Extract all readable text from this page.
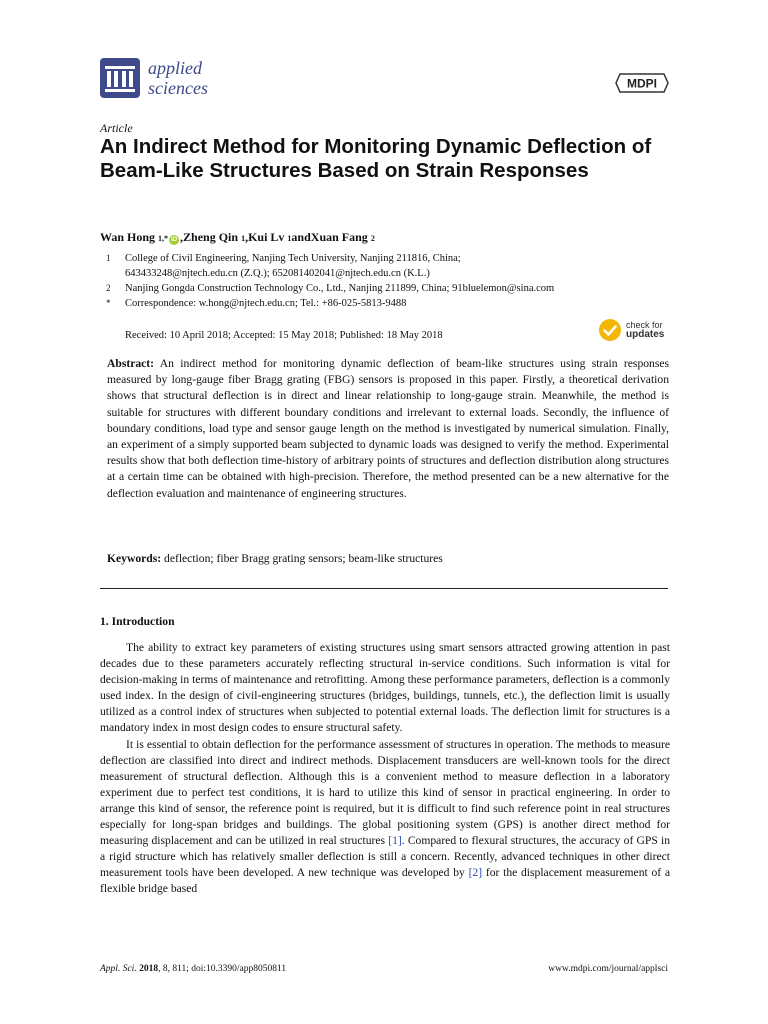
applied
sciences	MDPI
Article
An Indirect Method for Monitoring Dynamic Deflection of Beam-Like Structures Based on Strain Responses
Wan Hong
1,* iD , Zheng Qin
1 , Kui Lv
1 and Xuan Fang
2
1 College of Civil Engineering, Nanjing Tech University, Nanjing 211816, China;
643433248@njtech.edu.cn (Z.Q.); 652081402041@njtech.edu.cn (K.L.)
2 Nanjing Gongda Construction Technology Co., Ltd., Nanjing 211899, China; 91bluelemon@sina.com
* Correspondence: w.hong@njtech.edu.cn; Tel.: +86-025-5813-9488
Received: 10 April 2018; Accepted: 15 May 2018; Published: 18 May 2018
check for
updates
Abstract: An indirect method for monitoring dynamic deflection of beam-like structures using strain responses measured by long-gauge fiber Bragg grating (FBG) sensors is proposed in this paper. Firstly, a theoretical derivation shows that structural deflection is in direct and linear relationship to long-gauge strain. Meanwhile, the method is suitable for structures with different boundary conditions and irrelevant to external loads. Secondly, the influence of boundary conditions, load type and sensor gauge length on the method is investigated by numerical simulation. Finally, an experiment of a simply supported beam subjected to dynamic loads was designed to verify the method. Experimental results show that both deflection time-history of arbitrary points of structures and deflection distribution along structures at a certain time can be obtained with high-precision. Therefore, the method presented can be a new alternative for the deflection evaluation and maintenance of engineering structures.
Keywords: deflection; fiber Bragg grating sensors; beam-like structures
1. Introduction

The ability to extract key parameters of existing structures using smart sensors attracted growing attention in past decades due to these parameters accurately reflecting structural in-service conditions. Such information is vital for decision-making in terms of maintenance and retrofitting. Among these performance parameters, deflection is a commonly used index. In the design of civil-engineering structures (bridges, buildings, tunnels, etc.), the deflection limit is usually utilized as a control index of structures when subjected to potential external loads. The deflection limit for structures is a mandatory index in most design codes to ensure structural safety.

It is essential to obtain deflection for the performance assessment of structures in operation. The methods to measure deflection are classified into direct and indirect methods. Displacement transducers are well-known tools for the direct measurement of structural deflection. Although this is a convenient method to measure deflection in a laboratory experiment due to perfect test conditions, it is hard to utilize this kind of sensor in practical engineering. In order to arrange this kind of sensor, the reference point is required, but it is difficult to find such reference point in real structures especially for long-span bridges and buildings. The global positioning system (GPS) is another direct method for measuring displacement and can be utilized in real structures [1]. Compared to flexural structures, the accuracy of GPS in a rigid structure which has relatively smaller deflection is still a concern. Recently, advanced techniques in other direct measurement tools have been developed. A new technique was developed by [2] for the displacement measurement of a flexible bridge based

Appl. Sci. 2018, 8, 811; doi:10.3390/app8050811	www.mdpi.com/journal/applsci
